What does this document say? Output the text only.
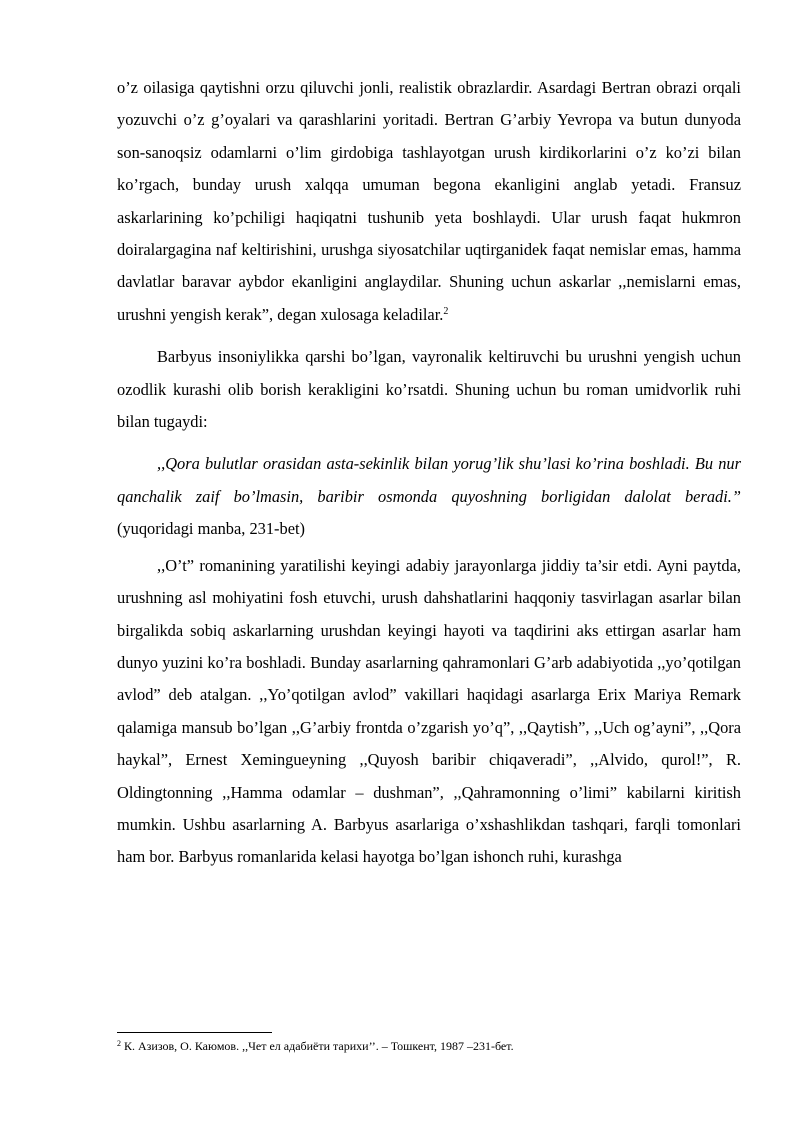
o’z oilasiga qaytishni orzu qiluvchi jonli, realistik obrazlardir. Asardagi Bertran obrazi orqali yozuvchi o’z g’oyalari va qarashlarini yoritadi. Bertran G’arbiy Yevropa va butun dunyoda son-sanoqsiz odamlarni o’lim girdobiga tashlayotgan urush kirdikorlarini o’z ko’zi bilan ko’rgach, bunday urush xalqqa umuman begona ekanligini anglab yetadi. Fransuz askarlarining ko’pchiligi haqiqatni tushunib yeta boshlaydi. Ular urush faqat hukmron doiralargagina naf keltirishini, urushga siyosatchilar uqtirganidek faqat nemislar emas, hamma davlatlar baravar aybdor ekanligini anglaydilar. Shuning uchun askarlar ,,nemislarni emas, urushni yengish kerak”, degan xulosaga keladilar.$^2$

Barbyus insoniylikka qarshi bo’lgan, vayronalik keltiruvchi bu urushni yengish uchun ozodlik kurashi olib borish kerakligini ko’rsatdi. Shuning uchun bu roman umidvorlik ruhi bilan tugaydi:

,,Qora bulutlar orasidan asta-sekinlik bilan yorug’lik shu’lasi ko’rina boshladi. Bu nur qanchalik zaif bo’lmasin, baribir osmonda quyoshning borligidan dalolat beradi.” (yuqoridagi manba, 231-bet)

,,O’t” romanining yaratilishi keyingi adabiy jarayonlarga jiddiy ta’sir etdi. Ayni paytda, urushning asl mohiyatini fosh etuvchi, urush dahshatlarini haqqoniy tasvirlagan asarlar bilan birgalikda sobiq askarlarning urushdan keyingi hayoti va taqdirini aks ettirgan asarlar ham dunyo yuzini ko’ra boshladi. Bunday asarlarning qahramonlari G’arb adabiyotida ,,yo’qotilgan avlod” deb atalgan. ,,Yo’qotilgan avlod” vakillari haqidagi asarlarga Erix Mariya Remark qalamiga mansub bo’lgan ,,G’arbiy frontda o’zgarish yo’q”, ,,Qaytish”, ,,Uch og’ayni”, ,,Qora haykal”, Ernest Xemingueyning ,,Quyosh baribir chiqaveradi”, ,,Alvido, qurol!”, R. Oldingtonning ,,Hamma odamlar – dushman”, ,,Qahramonning o’limi” kabilarni kiritish mumkin. Ushbu asarlarning A. Barbyus asarlariga o’xshashlikdan tashqari, farqli tomonlari ham bor. Barbyus romanlarida kelasi hayotga bo’lgan ishonch ruhi, kurashga

$^2$ К. Азизов, О. Каюмов. ,,Чет ел адабиёти тарихи’’. – Тошкент, 1987 –231-бет.
